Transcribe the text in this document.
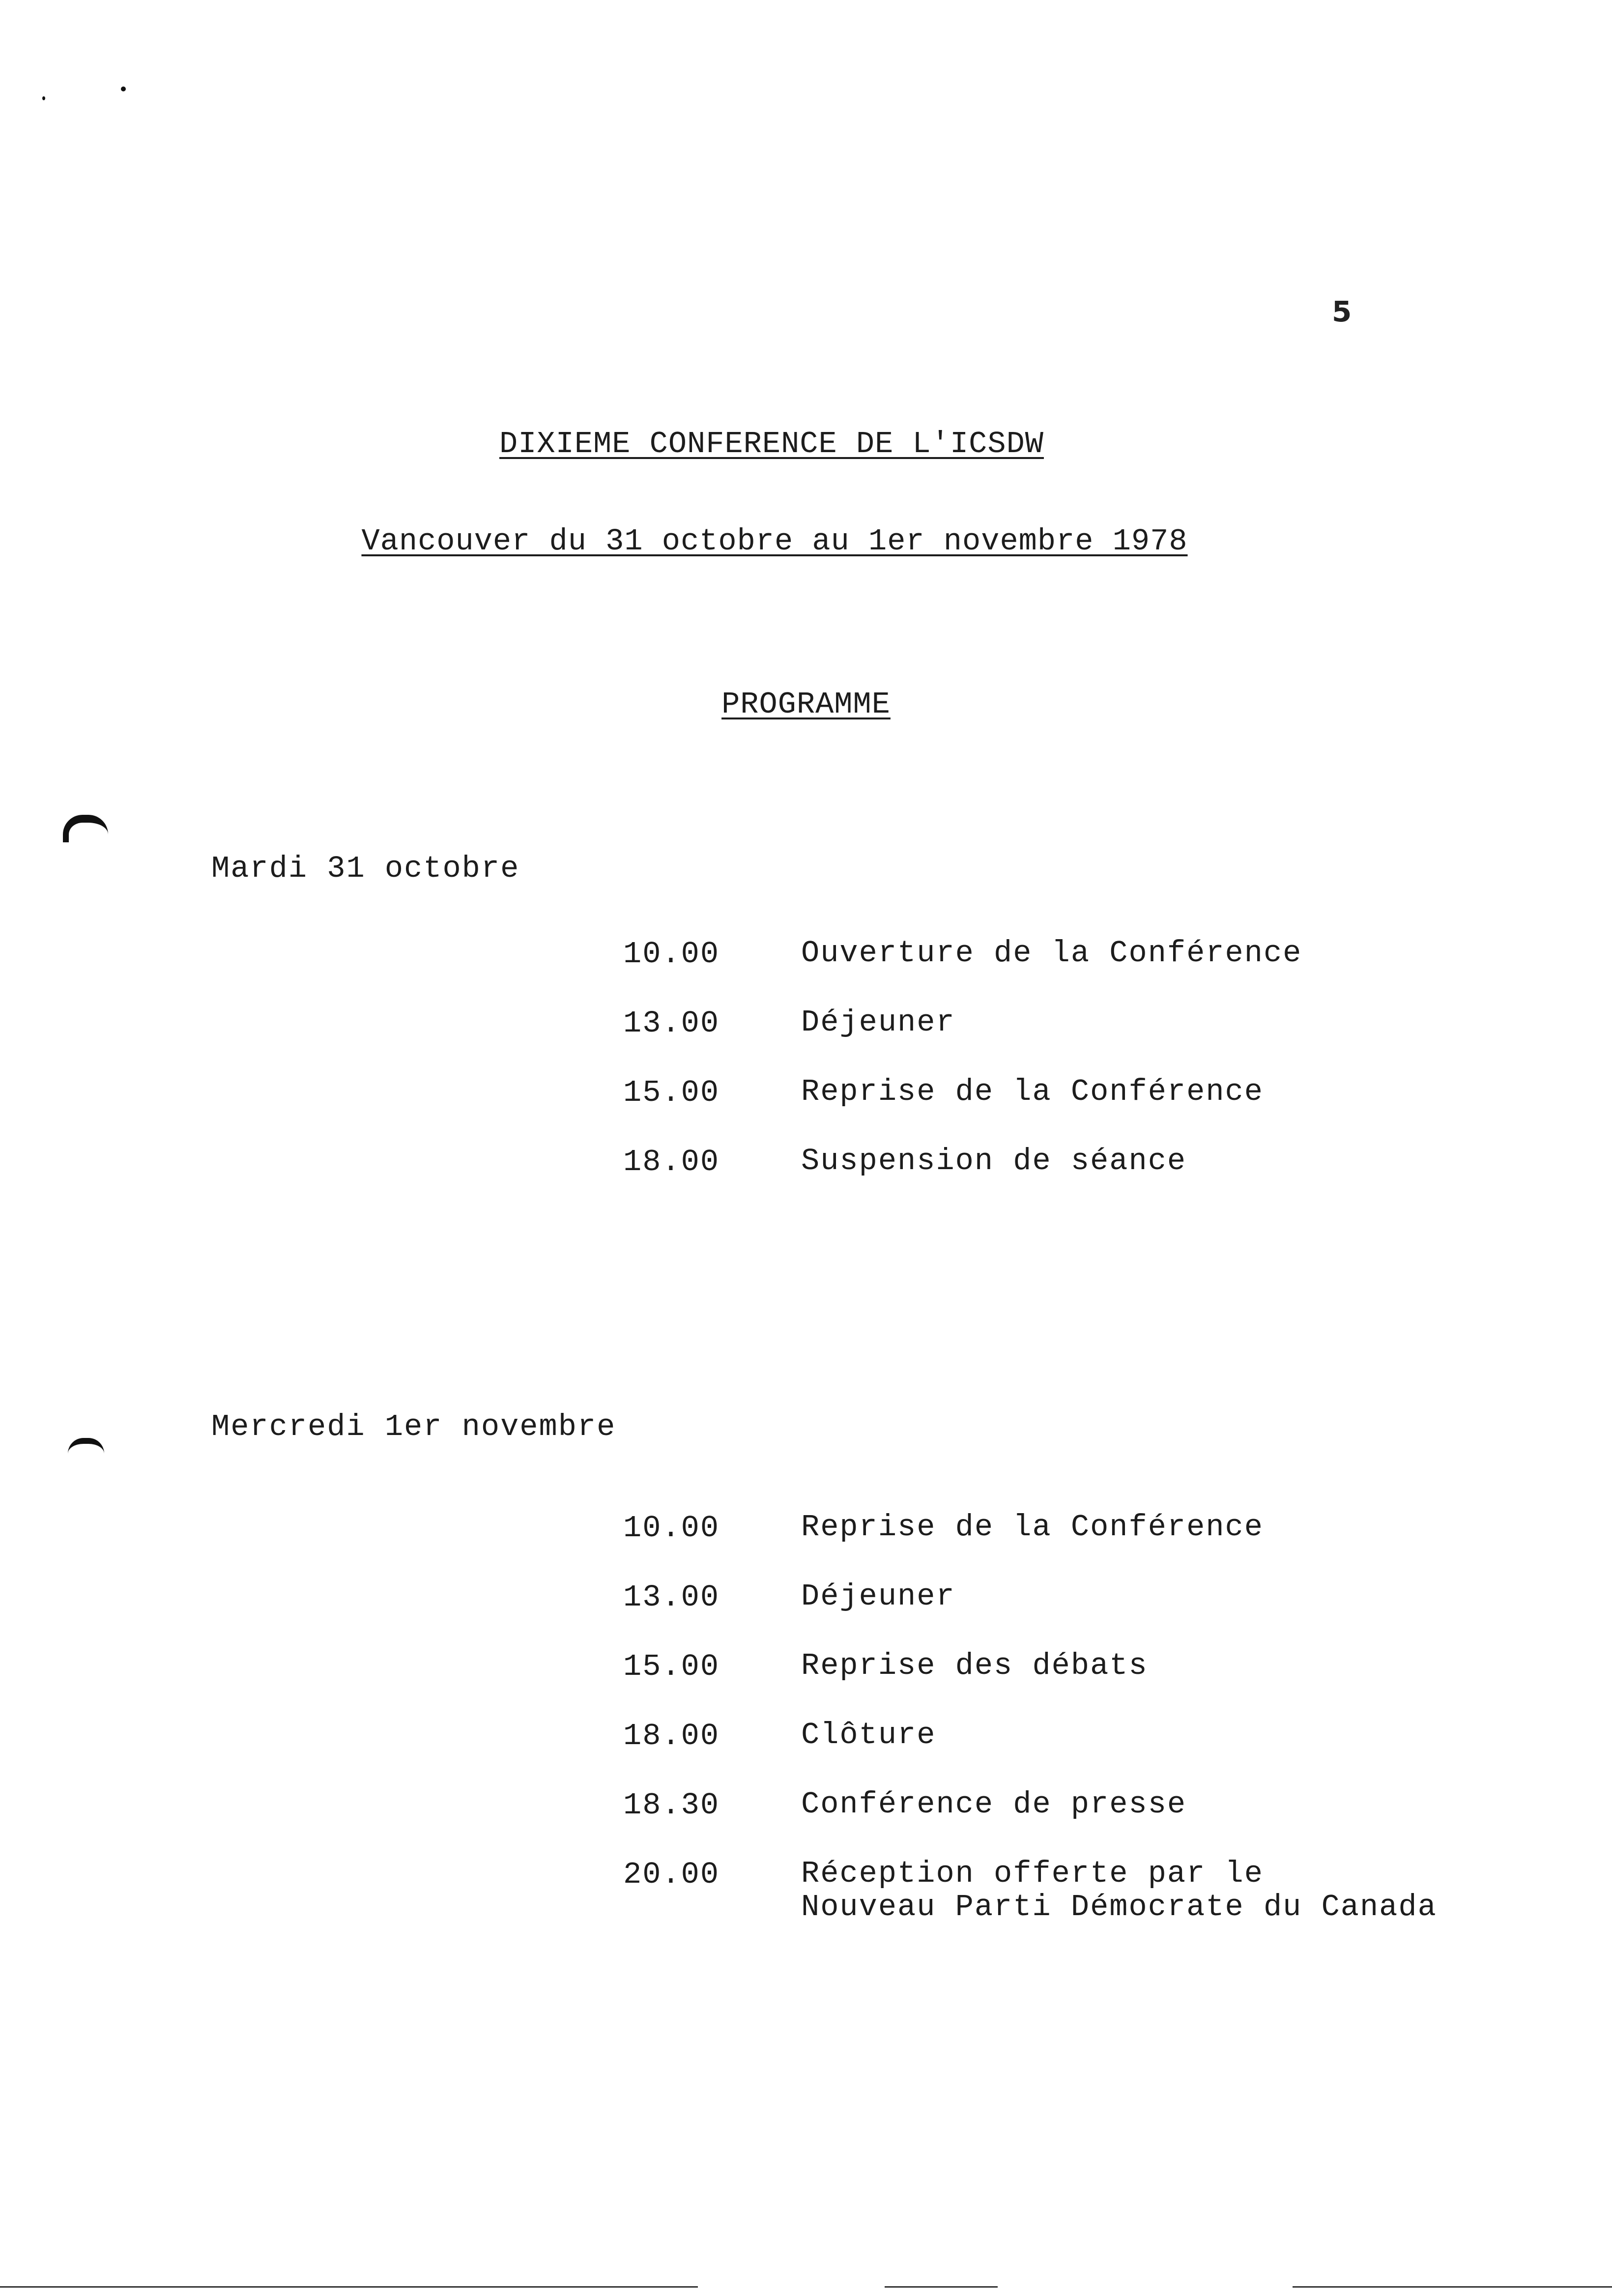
5
DIXIEME CONFERENCE DE L'ICSDW
Vancouver du 31 octobre au 1er novembre 1978
PROGRAMME
Mardi 31 octobre
10.00	Ouverture de la Conférence
13.00	Déjeuner
15.00	Reprise de la Conférence
18.00	Suspension de séance
Mercredi 1er novembre
10.00	Reprise de la Conférence
13.00	Déjeuner
15.00	Reprise des débats
18.00	Clôture
18.30	Conférence de presse
20.00	Réception offerte par le
Nouveau Parti Démocrate du Canada
